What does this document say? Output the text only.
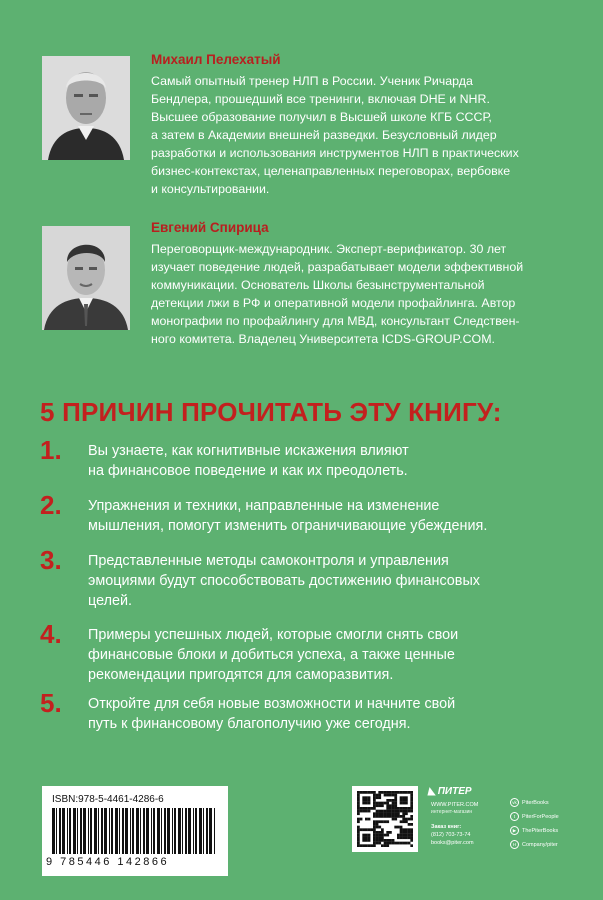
Михаил Пелехатый

Самый опытный тренер НЛП в России. Ученик Ричарда
Бендлера, прошедший все тренинги, включая DHE и NHR.
Высшее образование получил в Высшей школе КГБ СССР,
а затем в Академии внешней разведки. Безусловный лидер
разработки и использования инструментов НЛП в практических
бизнес-контекстах, целенаправленных переговорах, вербовке
и консультировании.

Евгений Спирица

Переговорщик-международник. Эксперт-верификатор. 30 лет
изучает поведение людей, разрабатывает модели эффективной
коммуникации. Основатель Школы безынструментальной
детекции лжи в РФ и оперативной модели профайлинга. Автор
монографии по профайлингу для МВД, консультант Следствен-
ного комитета. Владелец Университета ICDS-GROUP.COM.

5 ПРИЧИН ПРОЧИТАТЬ ЭТУ КНИГУ:
1. Вы узнаете, как когнитивные искажения влияют
на финансовое поведение и как их преодолеть.

2. Упражнения и техники, направленные на изменение
мышления, помогут изменить ограничивающие убеждения.

3. Представленные методы самоконтроля и управления
эмоциями будут способствовать достижению финансовых
целей.

4. Примеры успешных людей, которые смогли снять свои
финансовые блоки и добиться успеха, а также ценные
рекомендации пригодятся для саморазвития.

5. Откройте для себя новые возможности и начните свой
путь к финансовому благополучию уже сегодня.

ISBN:978-5-4461-4286-6
9 785446 142866
◣ ПИТЕР
WWW.PITER.COM
интернет-магазин
Заказ книг:
(812) 703-73-74
books@piter.com
vk PiterBooks
t PiterForPeople
▶ ThePiterBooks
H Company/piter
